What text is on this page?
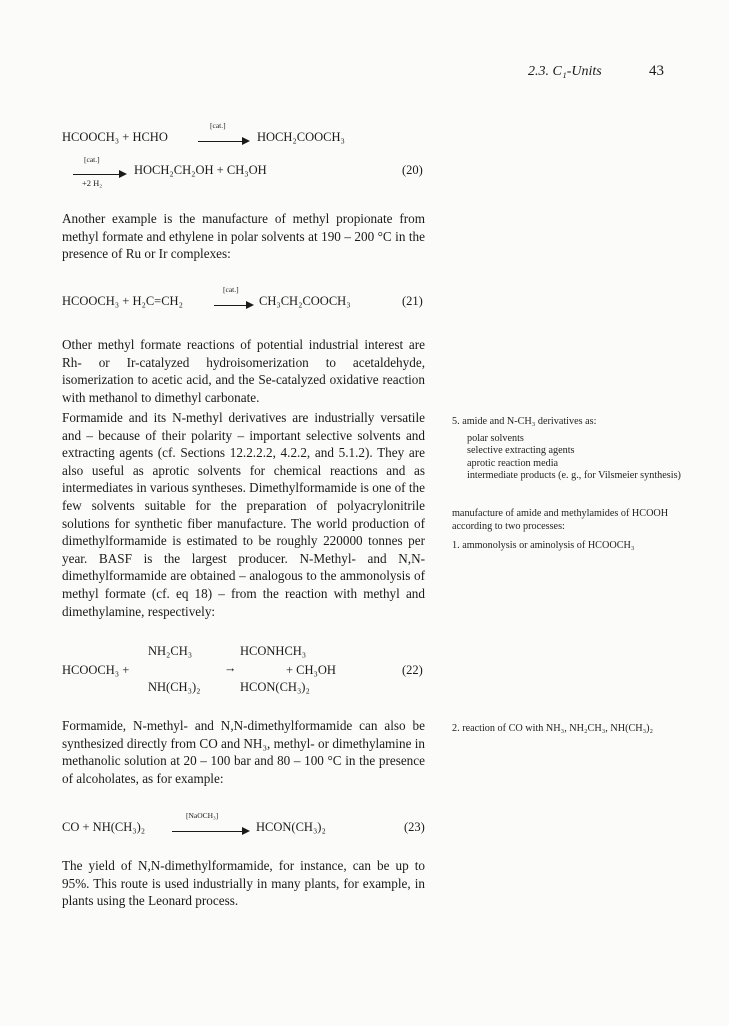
2.3. C₁-Units	43
HCOOCH₃ + HCHO
[cat.]
HOCH₂COOCH₃
[cat.]
+2 H₂
HOCH₂CH₂OH + CH₃OH	(20)

Another example is the manufacture of methyl propionate from methyl formate and ethylene in polar solvents at 190 – 200 °C in the presence of Ru or Ir complexes:

HCOOCH₃ + H₂C=CH₂
[cat.]
CH₃CH₂COOCH₃	(21)

Other methyl formate reactions of potential industrial interest are Rh- or Ir-catalyzed hydroisomerization to acetaldehyde, isomerization to acetic acid, and the Se-catalyzed oxidative reaction with methanol to dimethyl carbonate.

Formamide and its N-methyl derivatives are industrially versatile and – because of their polarity – important selective solvents and extracting agents (cf. Sections 12.2.2.2, 4.2.2, and 5.1.2). They are also useful as aprotic solvents for chemical reactions and as intermediates in various syntheses. Dimethylformamide is one of the few solvents suitable for the preparation of polyacrylonitrile solutions for synthetic fiber manufacture. The world production of dimethylformamide is estimated to be roughly 220000 tonnes per year. BASF is the largest producer. N-Methyl- and N,N-dimethylformamide are obtained – analogous to the ammonolysis of methyl formate (cf. eq 18) – from the reaction with methyl and dimethylamine, respectively:

HCOOCH₃ +
NH₂CH₃
NH(CH₃)₂
→
HCONHCH₃
HCON(CH₃)₂
+ CH₃OH	(22)

Formamide, N-methyl- and N,N-dimethylformamide can also be synthesized directly from CO and NH₃, methyl- or dimethylamine in methanolic solution at 20 – 100 bar and 80 – 100 °C in the presence of alcoholates, as for example:

CO + NH(CH₃)₂
[NaOCH₃]
HCON(CH₃)₂	(23)

The yield of N,N-dimethylformamide, for instance, can be up to 95%. This route is used industrially in many plants, for example, in plants using the Leonard process.

5. amide and N-CH₃ derivatives as:

polar solvents

selective extracting agents

aprotic reaction media

intermediate products (e. g., for Vilsmeier synthesis)

manufacture of amide and methylamides of HCOOH according to two processes:

1. ammonolysis or aminolysis of HCOOCH₃

2. reaction of CO with NH₃, NH₂CH₃, NH(CH₃)₂
